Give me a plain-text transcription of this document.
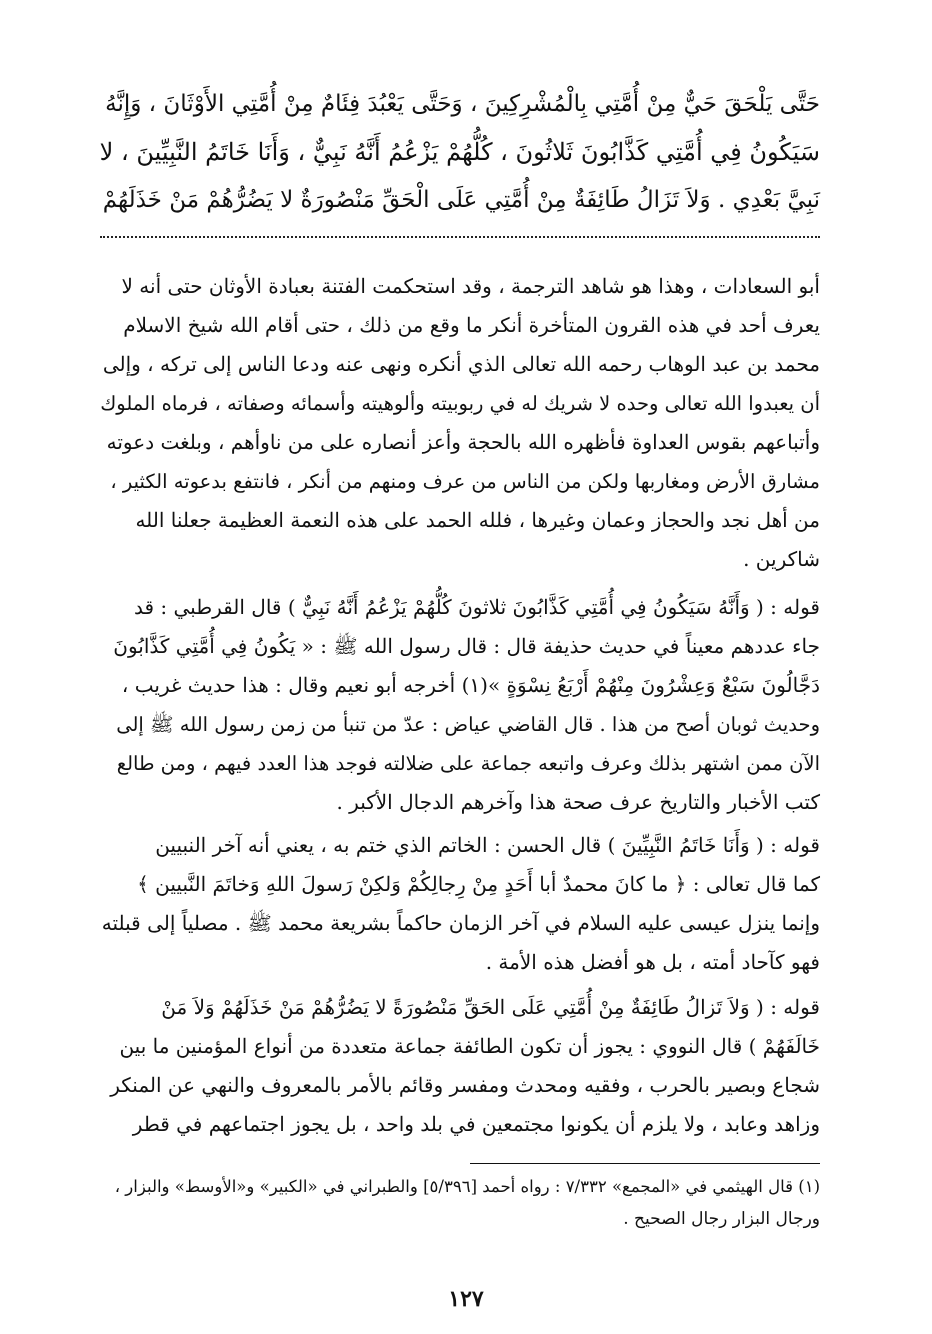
حَتَّى يَلْحَقَ حَيٌّ مِنْ أُمَّتِي بِالْمُشْرِكِينَ ، وَحَتَّى يَعْبُدَ فِئَامٌ مِنْ أُمَّتِي الأَوْثَانَ ، وَإِنَّهُ
سَيَكُونُ فِي أُمَّتِي كَذَّابُونَ ثَلاثُونَ ، كُلُّهُمْ يَزْعُمُ أَنَّهُ نَبِيٌّ ، وَأَنَا خَاتَمُ النَّبِيِّينَ ، لا
نَبِيَّ بَعْدِي . وَلاَ تَزَالُ طَائِفَةٌ مِنْ أُمَّتِي عَلَى الْحَقِّ مَنْصُورَةٌ لا يَضُرُّهُمْ مَنْ خَذَلَهُمْ
أبو السعادات ، وهذا هو شاهد الترجمة ، وقد استحكمت الفتنة بعبادة الأوثان حتى أنه لا
يعرف أحد في هذه القرون المتأخرة أنكر ما وقع من ذلك ، حتى أقام الله شيخ الاسلام
محمد بن عبد الوهاب رحمه الله تعالى الذي أنكره ونهى عنه ودعا الناس إلى تركه ، وإلى
أن يعبدوا الله تعالى وحده لا شريك له في ربوبيته وألوهيته وأسمائه وصفاته ، فرماه الملوك
وأتباعهم بقوس العداوة فأظهره الله بالحجة وأعز أنصاره على من ناوأهم ، وبلغت دعوته
مشارق الأرض ومغاربها ولكن من الناس من عرف ومنهم من أنكر ، فانتفع بدعوته الكثير ،
من أهل نجد والحجاز وعمان وغيرها ، فلله الحمد على هذه النعمة العظيمة جعلنا الله
شاكرين .
قوله : ( وَأَنَّهُ سَيَكُونُ فِي أُمَّتِي كَذَّابُونَ ثلاثونَ كُلُّهُمْ يَزْعُمُ أَنَّهُ نَبِيٌّ ) قال القرطبي : قد
جاء عددهم معيناً في حديث حذيفة قال : قال رسول الله ﷺ : « يَكُونُ فِي أُمَّتِي كَذَّابُونَ
دَجَّالُونَ سَبْعٌ وَعِشْرُونَ مِنْهُمْ أَرْبَعُ نِسْوَةٍ »(١) أخرجه أبو نعيم وقال : هذا حديث غريب ،
وحديث ثوبان أصح من هذا . قال القاضي عياض : عدّ من تنبأ من زمن رسول الله ﷺ إلى
الآن ممن اشتهر بذلك وعرف واتبعه جماعة على ضلالته فوجد هذا العدد فيهم ، ومن طالع
كتب الأخبار والتاريخ عرف صحة هذا وآخرهم الدجال الأكبر .
قوله : ( وَأَنَا خَاتَمُ النَّبِيِّينَ ) قال الحسن : الخاتم الذي ختم به ، يعني أنه آخر النبيين
كما قال تعالى : ﴿ ما كانَ محمدٌ أبا أَحَدٍ مِنْ رِجالِكُمْ وَلكِنْ رَسولَ اللهِ وَخاتَمَ النَّبيين ﴾
وإنما ينزل عيسى عليه السلام في آخر الزمان حاكماً بشريعة محمد ﷺ . مصلياً إلى قبلته
فهو كآحاد أمته ، بل هو أفضل هذه الأمة .
قوله : ( وَلاَ تَزالُ طَائِفَةٌ مِنْ أُمَّتِي عَلَى الحَقِّ مَنْصُورَةً لا يَضُرُّهُمْ مَنْ خَذَلَهُمْ وَلاَ مَنْ
خَالَفَهُمْ ) قال النووي : يجوز أن تكون الطائفة جماعة متعددة من أنواع المؤمنين ما بين
شجاع وبصير بالحرب ، وفقيه ومحدث ومفسر وقائم بالأمر بالمعروف والنهي عن المنكر
وزاهد وعابد ، ولا يلزم أن يكونوا مجتمعين في بلد واحد ، بل يجوز اجتماعهم في قطر
(١) قال الهيثمي في «المجمع» ٧/٣٣٢ : رواه أحمد [٥/٣٩٦] والطبراني في «الكبير» و«الأوسط» والبزار ،
ورجال البزار رجال الصحيح .
١٢٧
